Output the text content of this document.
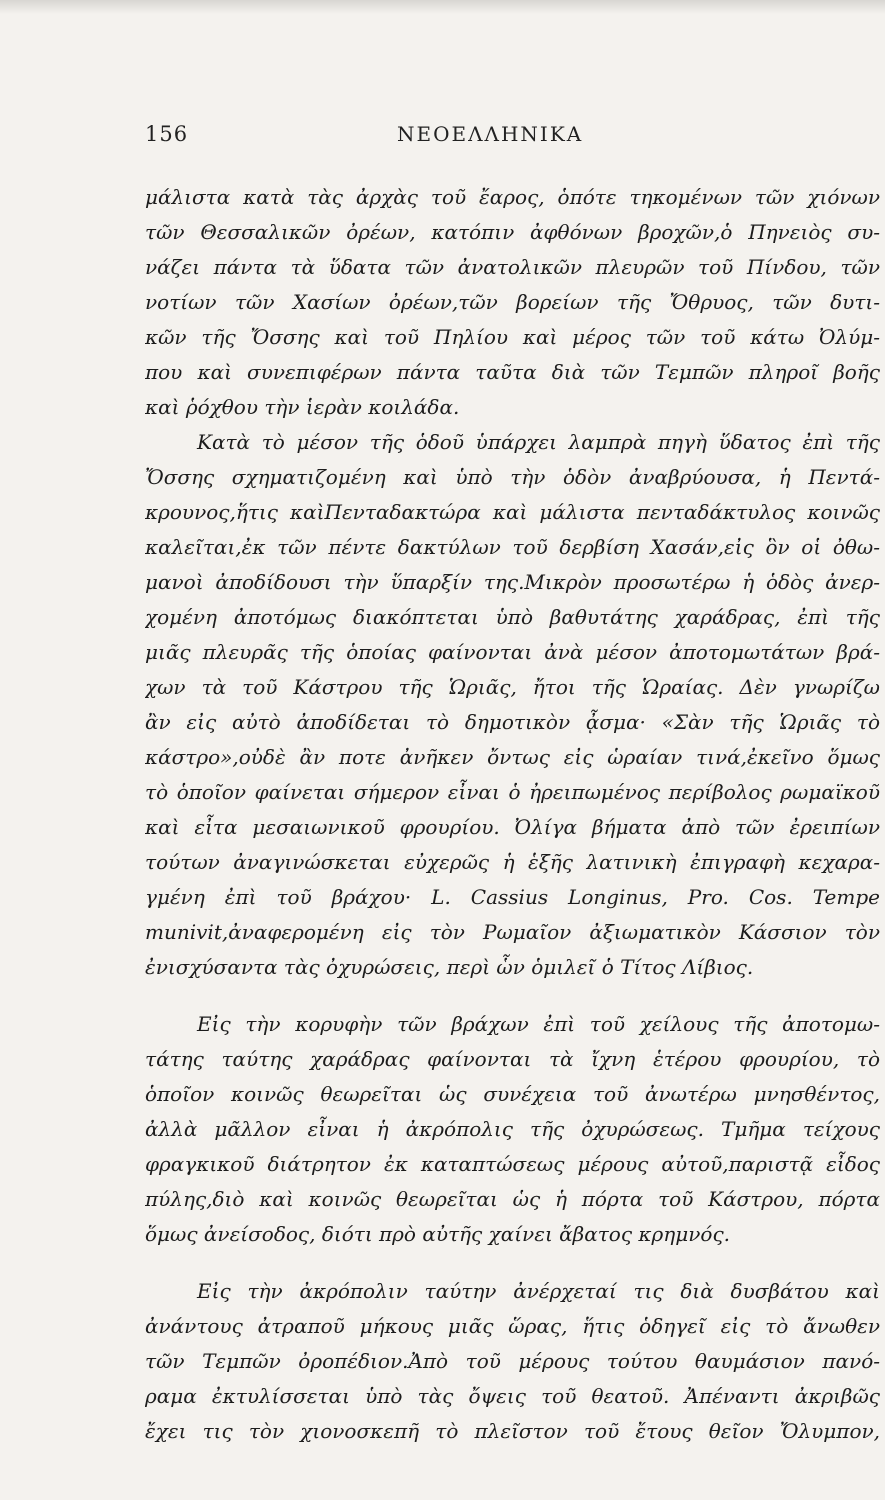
156	ΝΕΟΕΛΛΗΝΙΚΑ
μάλιστα κατὰ τὰς ἀρχὰς τοῦ ἔαρος, ὁπότε τηκομένων τῶν χιόνων
τῶν Θεσσαλικῶν ὀρέων, κατόπιν ἀφθόνων βροχῶν,ὁ Πηνειὸς συ-
νάζει πάντα τὰ ὕδατα τῶν ἀνατολικῶν πλευρῶν τοῦ Πίνδου, τῶν
νοτίων τῶν Χασίων ὀρέων,τῶν βορείων τῆς Ὄθρυος, τῶν δυτι-
κῶν τῆς Ὄσσης καὶ τοῦ Πηλίου καὶ μέρος τῶν τοῦ κάτω Ὀλύμ-
που καὶ συνεπιφέρων πάντα ταῦτα διὰ τῶν Τεμπῶν πληροῖ βοῆς
καὶ ῥόχθου τὴν ἱερὰν κοιλάδα.
Κατὰ τὸ μέσον τῆς ὁδοῦ ὑπάρχει λαμπρὰ πηγὴ ὕδατος ἐπὶ τῆς
Ὄσσης σχηματιζομένη καὶ ὑπὸ τὴν ὁδὸν ἀναβρύουσα, ἡ Πεντά-
κρουνος,ἥτις καὶΠενταδακτώρα καὶ μάλιστα πενταδάκτυλος κοινῶς
καλεῖται,ἐκ τῶν πέντε δακτύλων τοῦ δερβίση Χασάν,εἰς ὃν οἱ ὀθω-
μανοὶ ἀποδίδουσι τὴν ὕπαρξίν της.Μικρὸν προσωτέρω ἡ ὁδὸς ἀνερ-
χομένη ἀποτόμως διακόπτεται ὑπὸ βαθυτάτης χαράδρας, ἐπὶ τῆς
μιᾶς πλευρᾶς τῆς ὁποίας φαίνονται ἀνὰ μέσον ἀποτομωτάτων βρά-
χων τὰ τοῦ Κάστρου τῆς Ὡριᾶς, ἤτοι τῆς Ὡραίας. Δὲν γνωρίζω
ἂν εἰς αὐτὸ ἀποδίδεται τὸ δημοτικὸν ᾆσμα· «Σὰν τῆς Ὡριᾶς τὸ
κάστρο»,οὐδὲ ἂν ποτε ἀνῆκεν ὄντως εἰς ὡραίαν τινά,ἐκεῖνο ὅμως
τὸ ὁποῖον φαίνεται σήμερον εἶναι ὁ ἠρειπωμένος περίβολος ρωμαϊκοῦ
καὶ εἶτα μεσαιωνικοῦ φρουρίου. Ὀλίγα βήματα ἀπὸ τῶν ἐρειπίων
τούτων ἀναγινώσκεται εὐχερῶς ἡ ἑξῆς λατινικὴ ἐπιγραφὴ κεχαρα-
γμένη ἐπὶ τοῦ βράχου· L. Cassius Longinus, Pro. Cos. Tempe
munivit,ἀναφερομένη εἰς τὸν Ρωμαῖον ἀξιωματικὸν Κάσσιον τὸν
ἐνισχύσαντα τὰς ὀχυρώσεις, περὶ ὧν ὁμιλεῖ ὁ Τίτος Λίβιος.
Εἰς τὴν κορυφὴν τῶν βράχων ἐπὶ τοῦ χείλους τῆς ἀποτομω-
τάτης ταύτης χαράδρας φαίνονται τὰ ἴχνη ἑτέρου φρουρίου, τὸ
ὁποῖον κοινῶς θεωρεῖται ὡς συνέχεια τοῦ ἀνωτέρω μνησθέντος,
ἀλλὰ μᾶλλον εἶναι ἡ ἀκρόπολις τῆς ὀχυρώσεως. Τμῆμα τείχους
φραγκικοῦ διάτρητον ἐκ καταπτώσεως μέρους αὐτοῦ,παριστᾷ εἶδος
πύλης,διὸ καὶ κοινῶς θεωρεῖται ὡς ἡ πόρτα τοῦ Κάστρου, πόρτα
ὅμως ἀνείσοδος, διότι πρὸ αὐτῆς χαίνει ἄβατος κρημνός.
Εἰς τὴν ἀκρόπολιν ταύτην ἀνέρχεταί τις διὰ δυσβάτου καὶ
ἀνάντους ἀτραποῦ μήκους μιᾶς ὥρας, ἥτις ὁδηγεῖ εἰς τὸ ἄνωθεν
τῶν Τεμπῶν ὀροπέδιον.Ἀπὸ τοῦ μέρους τούτου θαυμάσιον πανό-
ραμα ἐκτυλίσσεται ὑπὸ τὰς ὄψεις τοῦ θεατοῦ. Ἀπέναντι ἀκριβῶς
ἔχει τις τὸν χιονοσκεπῆ τὸ πλεῖστον τοῦ ἔτους θεῖον Ὄλυμπον,
